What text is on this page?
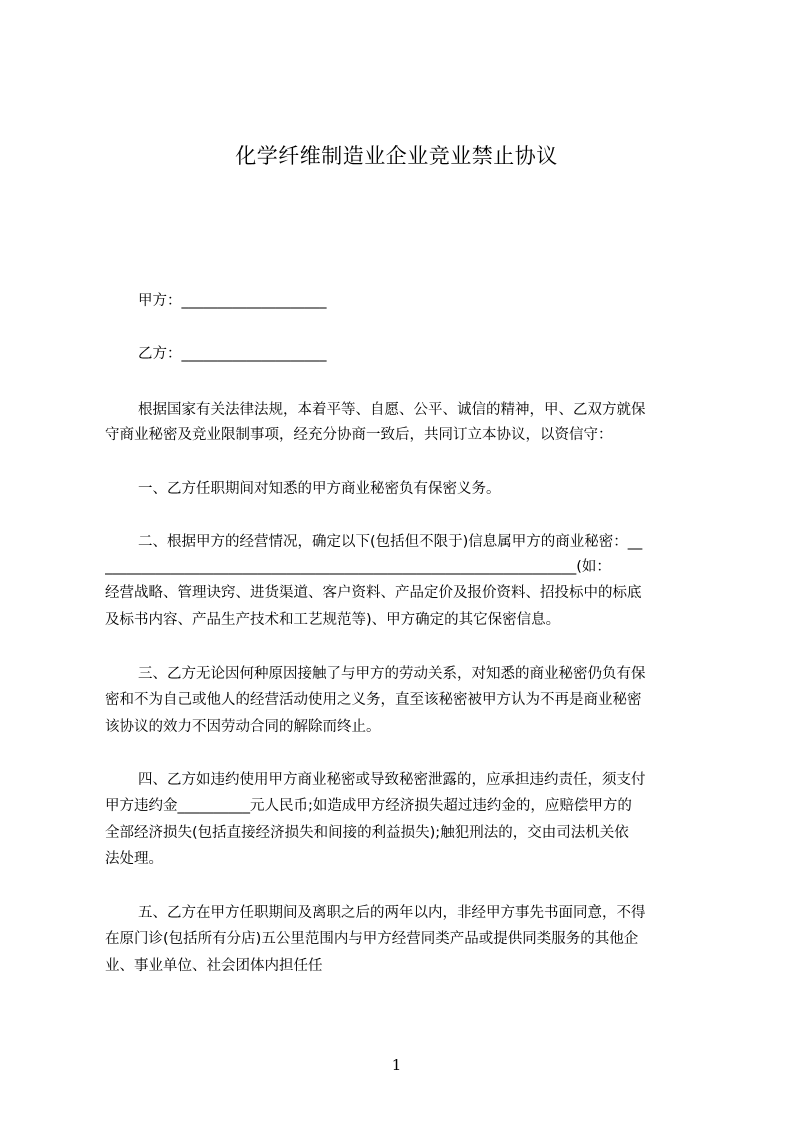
化学纤维制造业企业竞业禁止协议
甲方：____________________
乙方：____________________
根据国家有关法律法规，本着平等、自愿、公平、诚信的精神，甲、乙双方就保
守商业秘密及竞业限制事项，经充分协商一致后，共同订立本协议，以资信守：
一、乙方任职期间对知悉的甲方商业秘密负有保密义务。
二、根据甲方的经营情况，确定以下(包括但不限于)信息属甲方的商业秘密：__
_________________________________________________________________(如：
经营战略、管理诀窍、进货渠道、客户资料、产品定价及报价资料、招投标中的标底
及标书内容、产品生产技术和工艺规范等)、甲方确定的其它保密信息。
三、乙方无论因何种原因接触了与甲方的劳动关系，对知悉的商业秘密仍负有保
密和不为自己或他人的经营活动使用之义务，直至该秘密被甲方认为不再是商业秘密
该协议的效力不因劳动合同的解除而终止。
四、乙方如违约使用甲方商业秘密或导致秘密泄露的，应承担违约责任，须支付
甲方违约金__________元人民币;如造成甲方经济损失超过违约金的，应赔偿甲方的
全部经济损失(包括直接经济损失和间接的利益损失);触犯刑法的，交由司法机关依
法处理。
五、乙方在甲方任职期间及离职之后的两年以内，非经甲方事先书面同意，不得
在原门诊(包括所有分店)五公里范围内与甲方经营同类产品或提供同类服务的其他企
业、事业单位、社会团体内担任任
1
